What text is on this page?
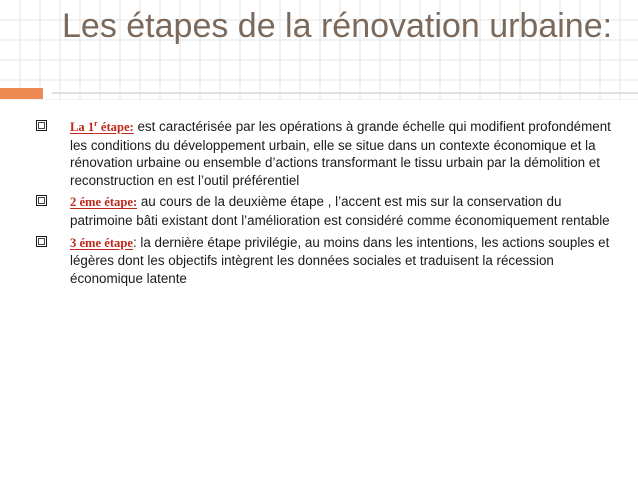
Les étapes de la rénovation urbaine:
La 1$^r$ étape: est caractérisée par les opérations à grande échelle qui modifient profondément les conditions du développement urbain, elle se situe dans un contexte économique et la rénovation urbaine ou ensemble d’actions transformant le tissu urbain par la démolition et reconstruction en est l’outil préférentiel
2 éme étape: au cours de la deuxième étape , l’accent est mis sur la conservation du patrimoine bâti existant dont l’amélioration est considéré comme économiquement rentable
3 éme étape: la dernière étape privilégie, au moins dans les intentions, les actions souples et légères dont les objectifs intègrent les données sociales et traduisent la récession économique latente
